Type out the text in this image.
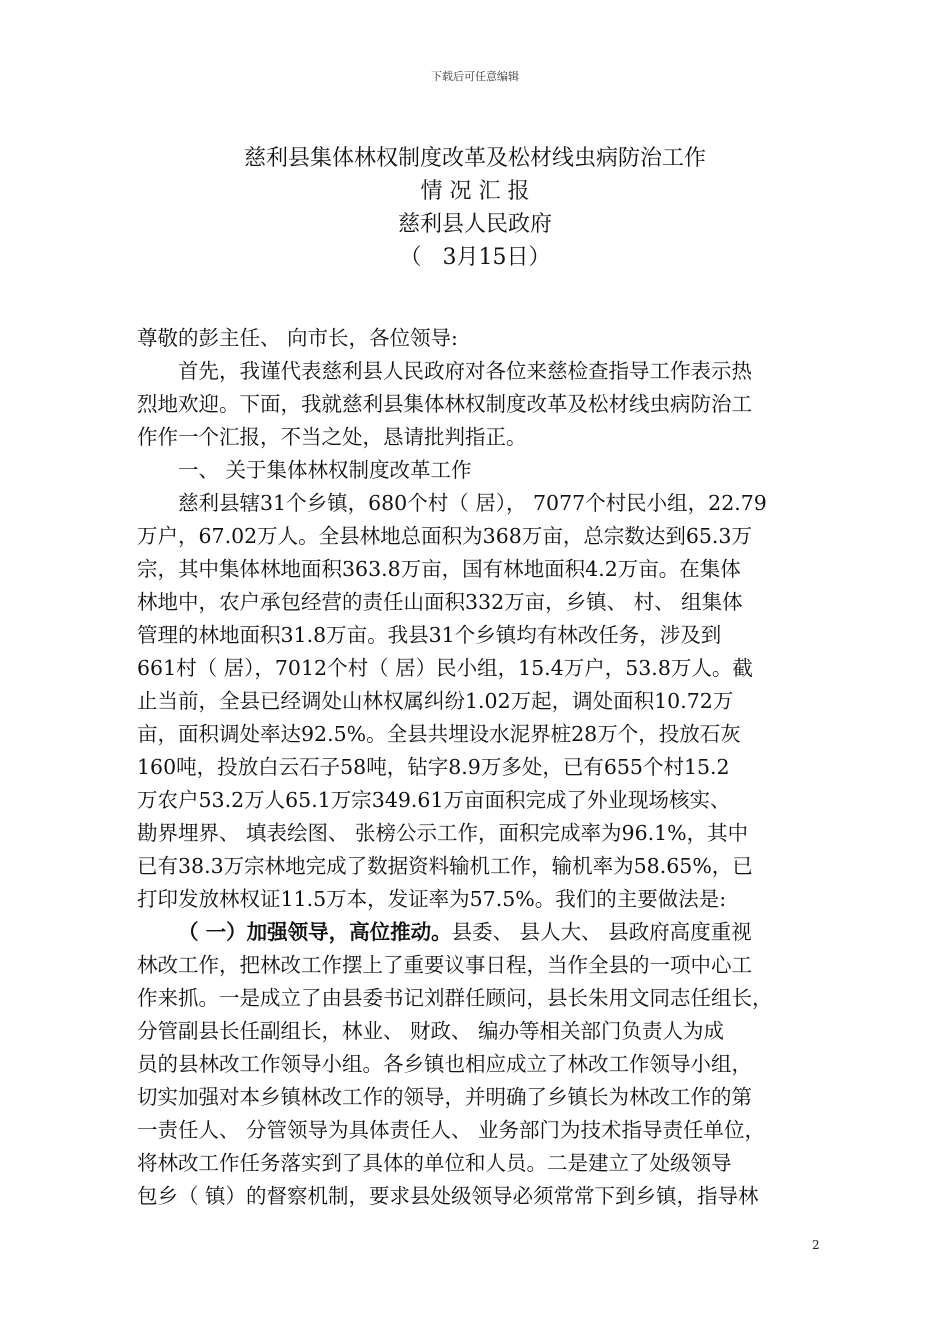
下载后可任意编辑
慈利县集体林权制度改革及松材线虫病防治工作
情 况 汇 报
慈利县人民政府
（   3月15日）
尊敬的彭主任、 向市长，各位领导:
首先，我谨代表慈利县人民政府对各位来慈检查指导工作表示热
烈地欢迎。下面，我就慈利县集体林权制度改革及松材线虫病防治工
作作一个汇报，不当之处，恳请批判指正。
一、 关于集体林权制度改革工作
慈利县辖31个乡镇，680个村（ 居）， 7077个村民小组，22.79
万户，67.02万人。全县林地总面积为368万亩，总宗数达到65.3万
宗，其中集体林地面积363.8万亩，国有林地面积4.2万亩。在集体
林地中，农户承包经营的责任山面积332万亩，乡镇、 村、 组集体
管理的林地面积31.8万亩。我县31个乡镇均有林改任务，涉及到
661村（ 居），7012个村（ 居）民小组，15.4万户，53.8万人。截
止当前，全县已经调处山林权属纠纷1.02万起，调处面积10.72万
亩，面积调处率达92.5%。全县共埋设水泥界桩28万个，投放石灰
160吨，投放白云石子58吨，钻字8.9万多处，已有655个村15.2
万农户53.2万人65.1万宗349.61万亩面积完成了外业现场核实、
勘界埋界、 填表绘图、 张榜公示工作，面积完成率为96.1%，其中
已有38.3万宗林地完成了数据资料输机工作，输机率为58.65%，已
打印发放林权证11.5万本，发证率为57.5%。我们的主要做法是:
（ 一）加强领导，高位推动。县委、 县人大、 县政府高度重视
林改工作，把林改工作摆上了重要议事日程，当作全县的一项中心工
作来抓。一是成立了由县委书记刘群任顾问，县长朱用文同志任组长，
分管副县长任副组长，林业、 财政、 编办等相关部门负责人为成
员的县林改工作领导小组。各乡镇也相应成立了林改工作领导小组，
切实加强对本乡镇林改工作的领导，并明确了乡镇长为林改工作的第
一责任人、 分管领导为具体责任人、 业务部门为技术指导责任单位，
将林改工作任务落实到了具体的单位和人员。二是建立了处级领导
包乡（ 镇）的督察机制，要求县处级领导必须常常下到乡镇，指导林
2
